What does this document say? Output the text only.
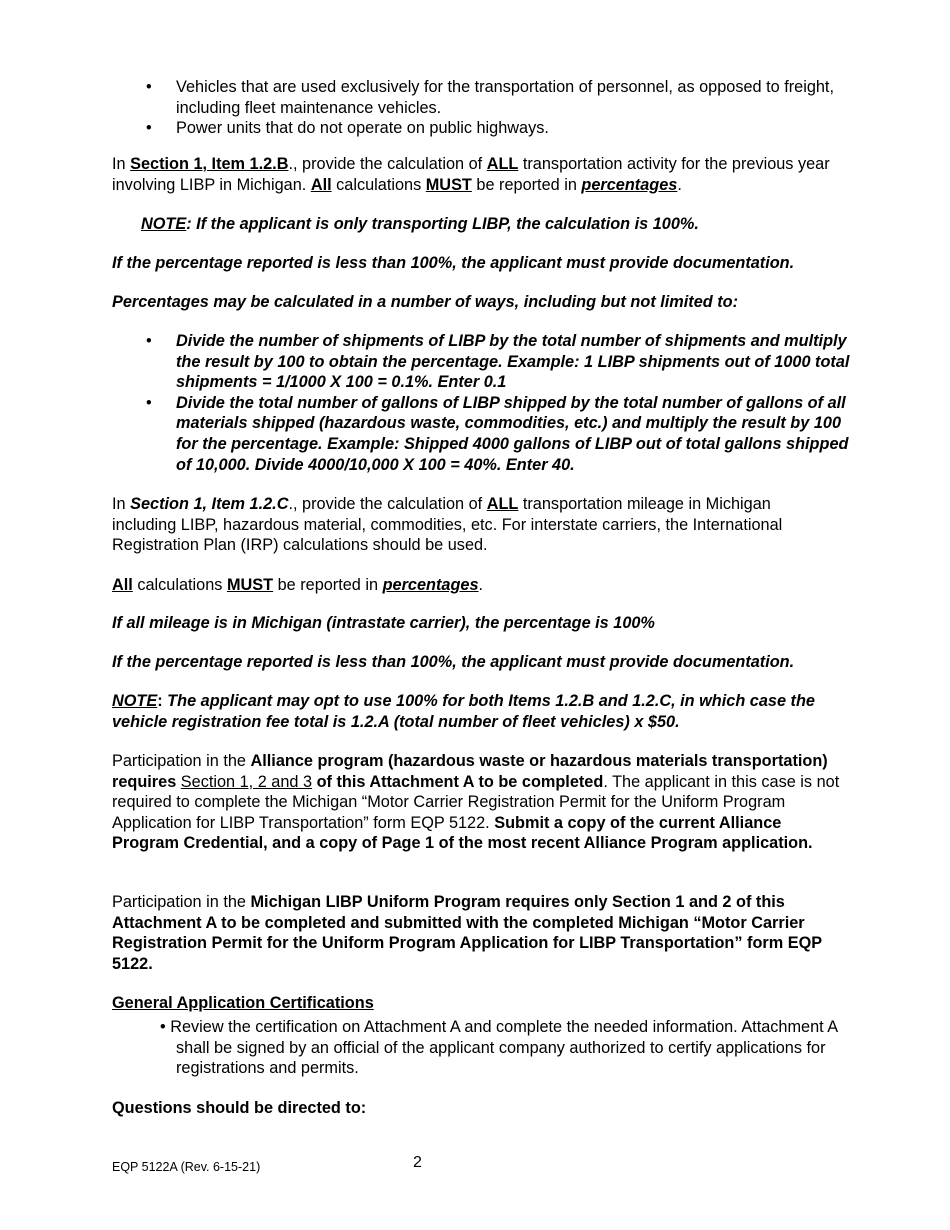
• Vehicles that are used exclusively for the transportation of personnel, as opposed to freight, including fleet maintenance vehicles.
• Power units that do not operate on public highways.

In Section 1, Item 1.2.B., provide the calculation of ALL transportation activity for the previous year involving LIBP in Michigan. All calculations MUST be reported in percentages.

NOTE: If the applicant is only transporting LIBP, the calculation is 100%.

If the percentage reported is less than 100%, the applicant must provide documentation.

Percentages may be calculated in a number of ways, including but not limited to:

• Divide the number of shipments of LIBP by the total number of shipments and multiply the result by 100 to obtain the percentage. Example: 1 LIBP shipments out of 1000 total shipments = 1/1000 X 100 = 0.1%. Enter 0.1
• Divide the total number of gallons of LIBP shipped by the total number of gallons of all materials shipped (hazardous waste, commodities, etc.) and multiply the result by 100 for the percentage. Example: Shipped 4000 gallons of LIBP out of total gallons shipped of 10,000. Divide 4000/10,000 X 100 = 40%. Enter 40.

In Section 1, Item 1.2.C., provide the calculation of ALL transportation mileage in Michigan including LIBP, hazardous material, commodities, etc. For interstate carriers, the International Registration Plan (IRP) calculations should be used.

All calculations MUST be reported in percentages.

If all mileage is in Michigan (intrastate carrier), the percentage is 100%

If the percentage reported is less than 100%, the applicant must provide documentation.

NOTE: The applicant may opt to use 100% for both Items 1.2.B and 1.2.C, in which case the vehicle registration fee total is 1.2.A (total number of fleet vehicles) x $50.

Participation in the Alliance program (hazardous waste or hazardous materials transportation) requires Section 1, 2 and 3 of this Attachment A to be completed. The applicant in this case is not required to complete the Michigan “Motor Carrier Registration Permit for the Uniform Program Application for LIBP Transportation” form EQP 5122. Submit a copy of the current Alliance Program Credential, and a copy of Page 1 of the most recent Alliance Program application.

Participation in the Michigan LIBP Uniform Program requires only Section 1 and 2 of this Attachment A to be completed and submitted with the completed Michigan “Motor Carrier Registration Permit for the Uniform Program Application for LIBP Transportation” form EQP 5122.

General Application Certifications

• Review the certification on Attachment A and complete the needed information. Attachment A shall be signed by an official of the applicant company authorized to certify applications for registrations and permits.

Questions should be directed to:

EQP 5122A (Rev. 6-15-21)	2
